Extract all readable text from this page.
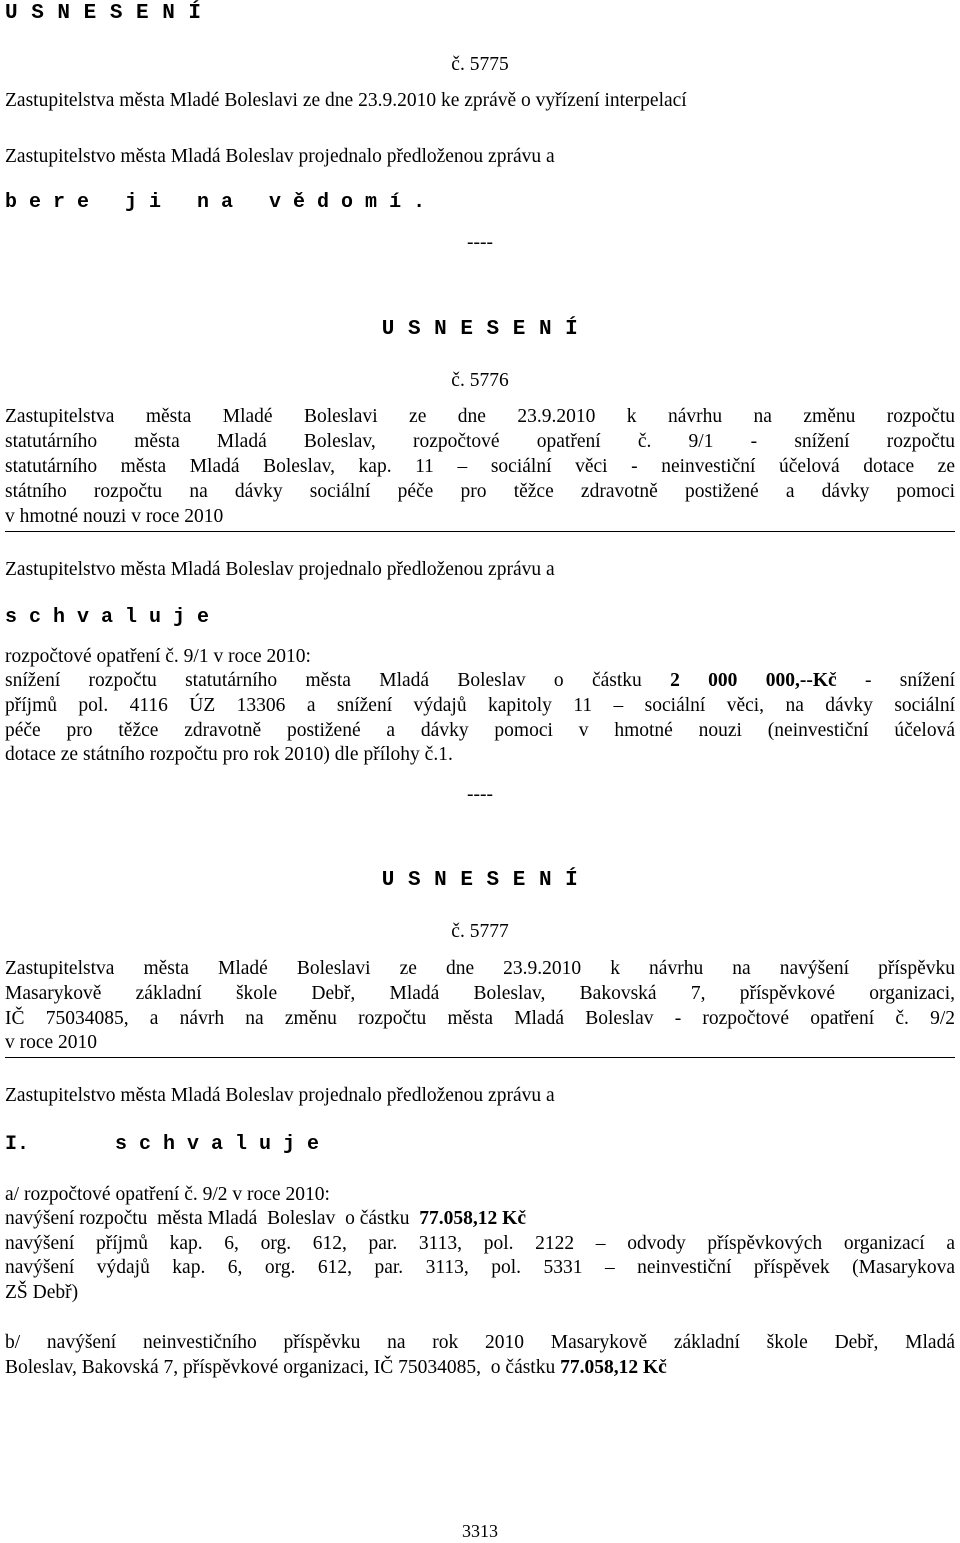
U S N E S E N Í
č. 5775
Zastupitelstva města Mladé Boleslavi ze dne 23.9.2010 ke zprávě o vyřízení interpelací
Zastupitelstvo města Mladá Boleslav projednalo předloženou zprávu a
b e r e   j i   n a   v ě d o m í .
----
U S N E S E N Í
č. 5776
Zastupitelstva města Mladé Boleslavi ze dne 23.9.2010 k návrhu na změnu rozpočtu
statutárního města Mladá Boleslav, rozpočtové opatření č. 9/1 - snížení rozpočtu
statutárního města Mladá Boleslav, kap. 11 – sociální věci - neinvestiční účelová dotace ze
státního rozpočtu na dávky sociální péče pro těžce zdravotně postižené a dávky pomoci
v hmotné nouzi v roce 2010
Zastupitelstvo města Mladá Boleslav projednalo předloženou zprávu a
s c h v a l u j e
rozpočtové opatření č. 9/1 v roce 2010:
snížení rozpočtu statutárního města Mladá Boleslav o částku 2 000 000,--Kč - snížení
příjmů pol. 4116 ÚZ 13306 a snížení výdajů kapitoly 11 – sociální věci, na dávky sociální
péče pro těžce zdravotně postižené a dávky pomoci v hmotné nouzi (neinvestiční účelová
dotace ze státního rozpočtu pro rok 2010) dle přílohy č.1.
----
U S N E S E N Í
č. 5777
Zastupitelstva města Mladé Boleslavi ze dne 23.9.2010 k návrhu na navýšení příspěvku
Masarykově základní škole Debř, Mladá Boleslav, Bakovská 7, příspěvkové organizaci,
IČ 75034085, a návrh na změnu rozpočtu města Mladá Boleslav - rozpočtové opatření č. 9/2
v roce 2010
Zastupitelstvo města Mladá Boleslav projednalo předloženou zprávu a
I.	s c h v a l u j e
a/ rozpočtové opatření č. 9/2 v roce 2010:
navýšení rozpočtu  města Mladá  Boleslav  o částku  77.058,12 Kč
navýšení příjmů kap. 6, org. 612, par. 3113, pol. 2122 – odvody příspěvkových organizací a
navýšení výdajů kap. 6, org. 612, par. 3113, pol. 5331 – neinvestiční příspěvek (Masarykova
ZŠ Debř)
b/ navýšení neinvestičního příspěvku na rok 2010 Masarykově základní škole Debř, Mladá
Boleslav, Bakovská 7, příspěvkové organizaci, IČ 75034085,  o částku 77.058,12 Kč
3313
